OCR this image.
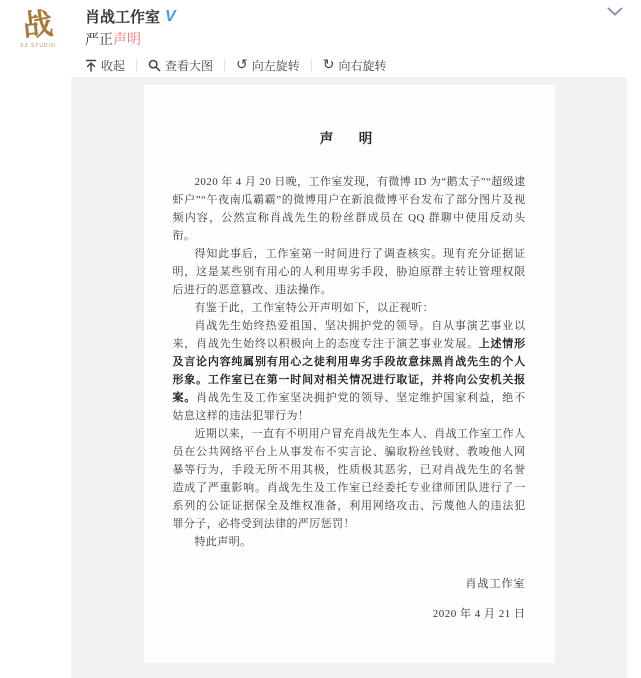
战
XZ STUDIO
肖战工作室 V
严正声明
收起	查看大图 ↺ 向左旋转 ↻ 向右旋转
声　明

2020 年 4 月 20 日晚，工作室发现，有微博 ID 为“鹅太子”“超级逮虾户”“午夜南瓜霸霸”的微博用户在新浪微博平台发布了部分图片及视频内容，公然宣称肖战先生的粉丝群成员在 QQ 群聊中使用反动头衔。

得知此事后，工作室第一时间进行了调查核实。现有充分证据证明，这是某些别有用心的人利用卑劣手段，胁迫原群主转让管理权限后进行的恶意篡改、违法操作。

有鉴于此，工作室特公开声明如下，以正视听：

肖战先生始终热爱祖国、坚决拥护党的领导。自从事演艺事业以来，肖战先生始终以积极向上的态度专注于演艺事业发展。上述情形及言论内容纯属别有用心之徒利用卑劣手段故意抹黑肖战先生的个人形象。工作室已在第一时间对相关情况进行取证，并将向公安机关报案。肖战先生及工作室坚决拥护党的领导、坚定维护国家利益，绝不姑息这样的违法犯罪行为！

近期以来，一直有不明用户冒充肖战先生本人、肖战工作室工作人员在公共网络平台上从事发布不实言论、骗取粉丝钱财、教唆他人网暴等行为，手段无所不用其极，性质极其恶劣，已对肖战先生的名誉造成了严重影响。肖战先生及工作室已经委托专业律师团队进行了一系列的公证证据保全及维权准备，利用网络攻击、污蔑他人的违法犯罪分子，必将受到法律的严厉惩罚！

特此声明。

肖战工作室
2020 年 4 月 21 日
